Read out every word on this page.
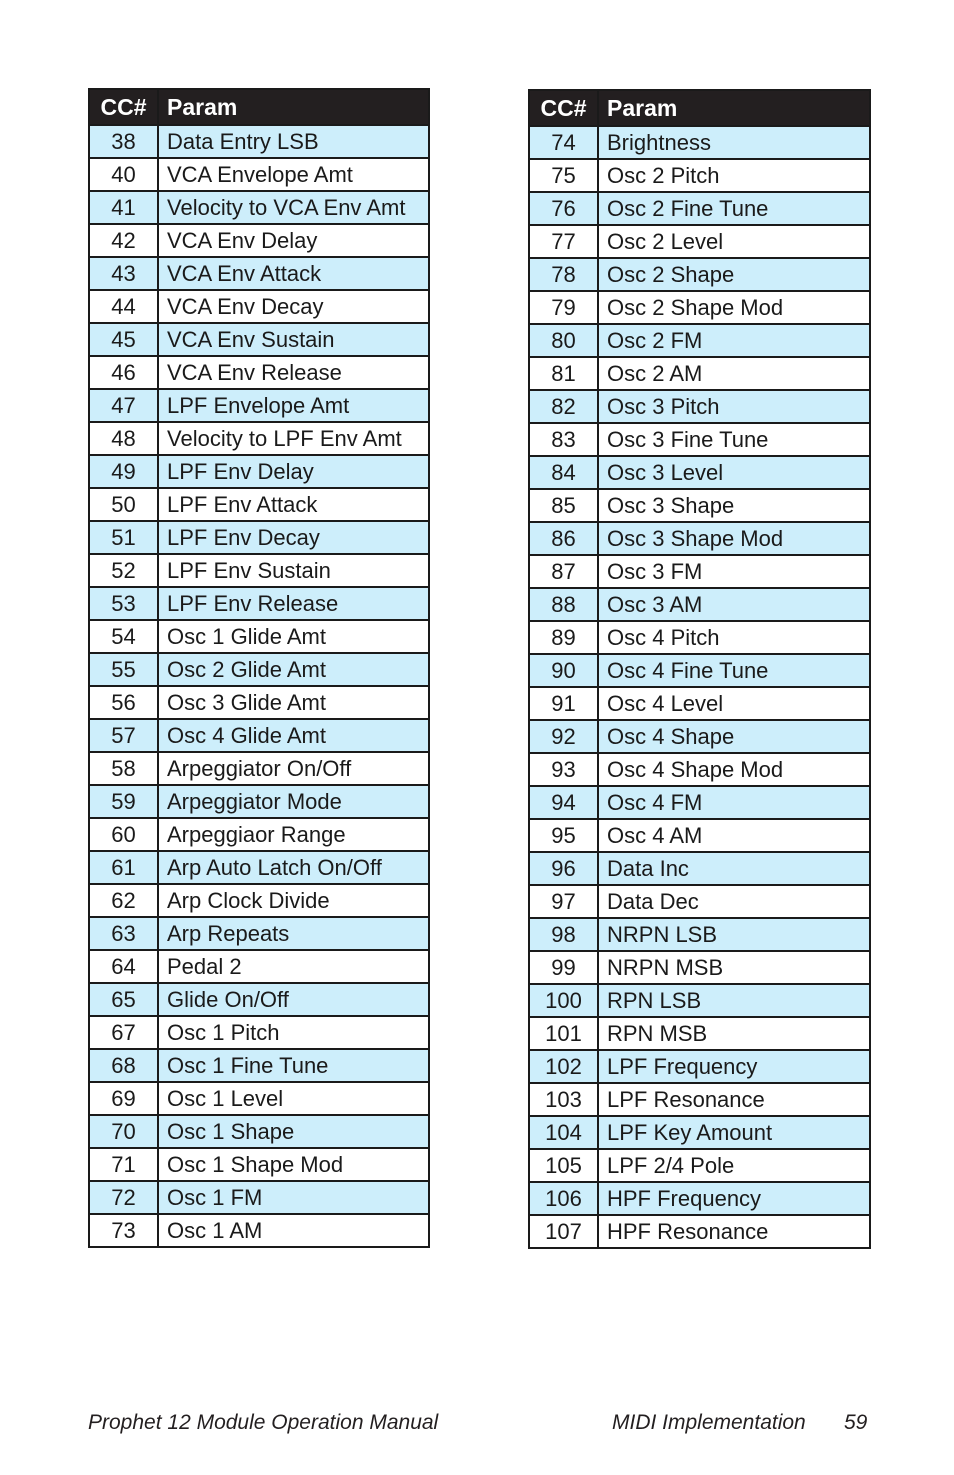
CC#	Param
38	Data Entry LSB
40	VCA Envelope Amt
41	Velocity to VCA Env Amt
42	VCA Env Delay
43	VCA Env Attack
44	VCA Env Decay
45	VCA Env Sustain
46	VCA Env Release
47	LPF Envelope Amt
48	Velocity to LPF Env Amt
49	LPF Env Delay
50	LPF Env Attack
51	LPF Env Decay
52	LPF Env Sustain
53	LPF Env Release
54	Osc 1 Glide Amt
55	Osc 2 Glide Amt
56	Osc 3 Glide Amt
57	Osc 4 Glide Amt
58	Arpeggiator On/Off
59	Arpeggiator Mode
60	Arpeggiaor Range
61	Arp Auto Latch On/Off
62	Arp Clock Divide
63	Arp Repeats
64	Pedal 2
65	Glide On/Off
67	Osc 1 Pitch
68	Osc 1 Fine Tune
69	Osc 1 Level
70	Osc 1 Shape
71	Osc 1 Shape Mod
72	Osc 1 FM
73	Osc 1 AM
CC#	Param
74	Brightness
75	Osc 2 Pitch
76	Osc 2 Fine Tune
77	Osc 2 Level
78	Osc 2 Shape
79	Osc 2 Shape Mod
80	Osc 2 FM
81	Osc 2 AM
82	Osc 3 Pitch
83	Osc 3 Fine Tune
84	Osc 3 Level
85	Osc 3 Shape
86	Osc 3 Shape Mod
87	Osc 3 FM
88	Osc 3 AM
89	Osc 4 Pitch
90	Osc 4 Fine Tune
91	Osc 4 Level
92	Osc 4 Shape
93	Osc 4 Shape Mod
94	Osc 4 FM
95	Osc 4 AM
96	Data Inc
97	Data Dec
98	NRPN LSB
99	NRPN MSB
100	RPN LSB
101	RPN MSB
102	LPF Frequency
103	LPF Resonance
104	LPF Key Amount
105	LPF 2/4 Pole
106	HPF Frequency
107	HPF Resonance
Prophet 12 Module Operation Manual	MIDI Implementation 59
